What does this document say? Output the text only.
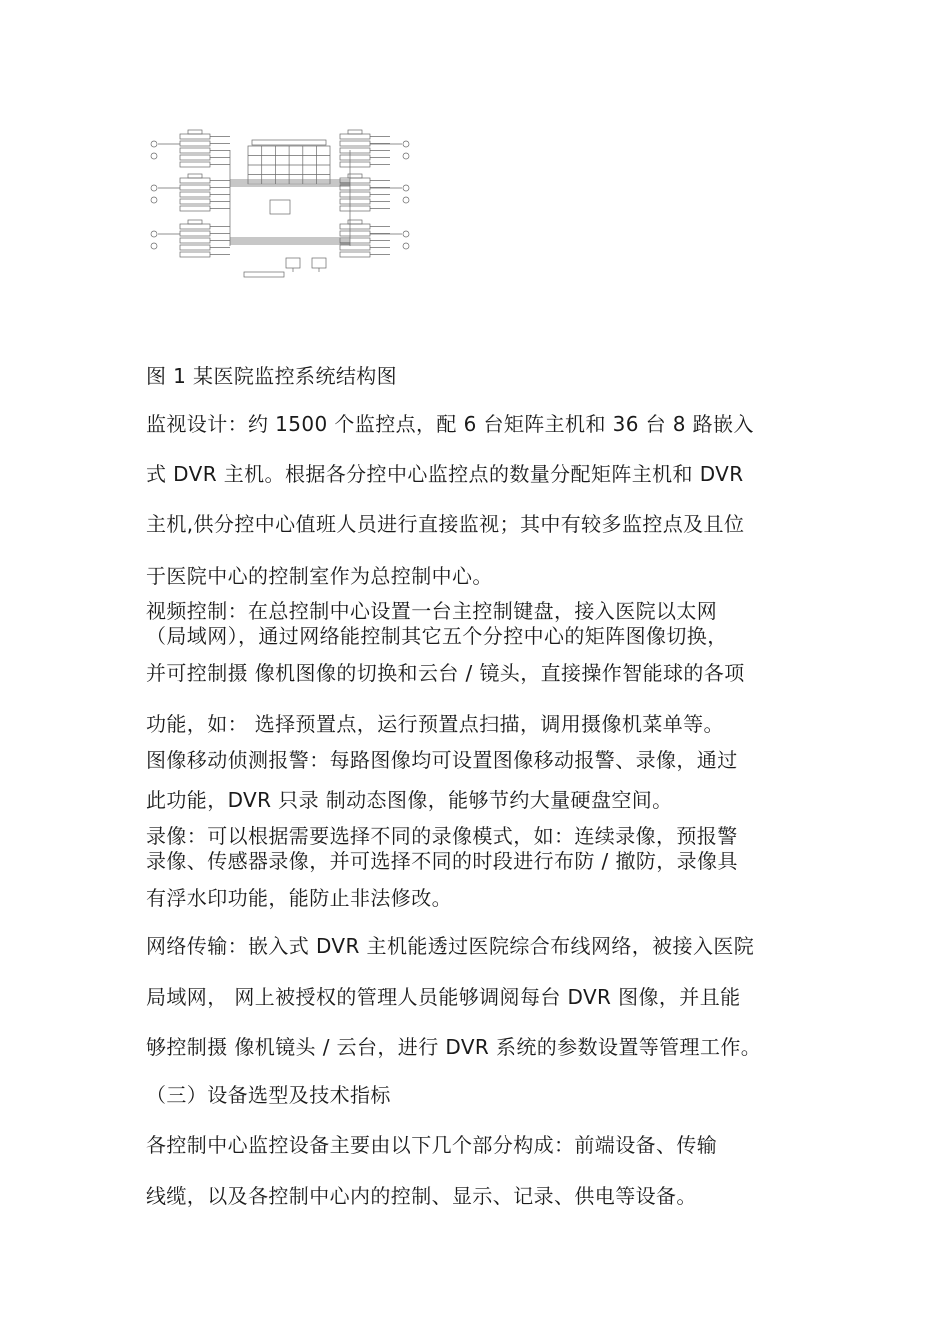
图 1 某医院监控系统结构图
监视设计：约 1500 个监控点，配 6 台矩阵主机和 36 台 8 路嵌入
式 DVR 主机。根据各分控中心监控点的数量分配矩阵主机和 DVR
主机,供分控中心值班人员进行直接监视；其中有较多监控点及且位
于医院中心的控制室作为总控制中心。
视频控制：在总控制中心设置一台主控制键盘，接入医院以太网
（局域网），通过网络能控制其它五个分控中心的矩阵图像切换，
并可控制摄 像机图像的切换和云台 / 镜头，直接操作智能球的各项
功能，如： 选择预置点，运行预置点扫描，调用摄像机菜单等。
图像移动侦测报警：每路图像均可设置图像移动报警、录像，通过
此功能，DVR 只录 制动态图像，能够节约大量硬盘空间。
录像：可以根据需要选择不同的录像模式，如：连续录像，预报警
录像、传感器录像，并可选择不同的时段进行布防 / 撤防，录像具
有浮水印功能，能防止非法修改。
网络传输：嵌入式 DVR 主机能透过医院综合布线网络，被接入医院
局域网， 网上被授权的管理人员能够调阅每台 DVR 图像，并且能
够控制摄 像机镜头 / 云台，进行 DVR 系统的参数设置等管理工作。
（三）设备选型及技术指标
各控制中心监控设备主要由以下几个部分构成：前端设备、传输
线缆，以及各控制中心内的控制、显示、记录、供电等设备。
